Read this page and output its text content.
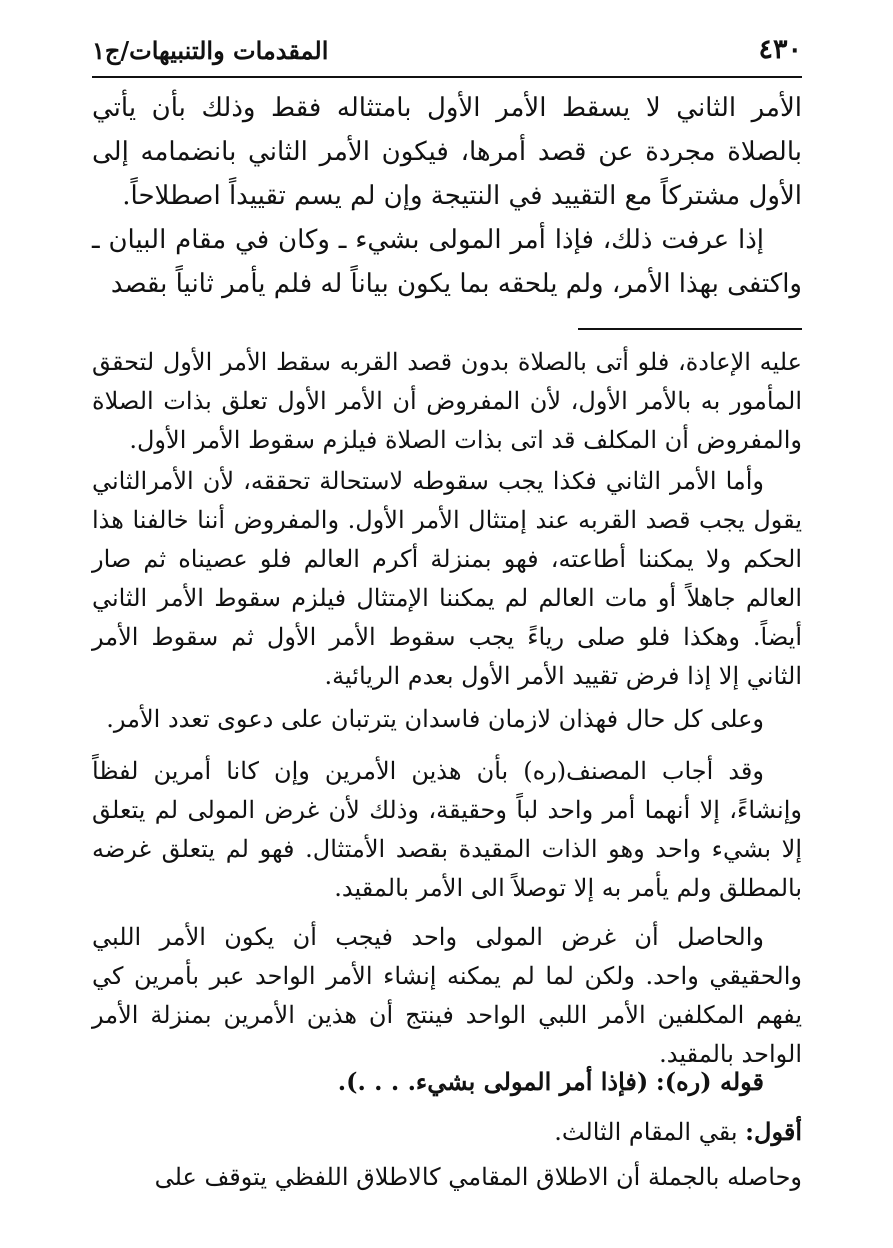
٤٣٠
المقدمات والتنبيهات/ج١

الأمر الثاني لا يسقط الأمر الأول بامتثاله فقط وذلك بأن يأتي بالصلاة مجردة عن قصد أمرها، فيكون الأمر الثاني بانضمامه إلى الأول مشتركاً مع التقييد في النتيجة وإن لم يسم تقييداً اصطلاحاً.

إذا عرفت ذلك، فإذا أمر المولى بشيء ـ وكان في مقام البيان ـ واكتفى بهذا الأمر، ولم يلحقه بما يكون بياناً له فلم يأمر ثانياً بقصد

عليه الإعادة، فلو أتى بالصلاة بدون قصد القربه سقط الأمر الأول لتحقق المأمور به بالأمر الأول، لأن المفروض أن الأمر الأول تعلق بذات الصلاة والمفروض أن المكلف قد اتى بذات الصلاة فيلزم سقوط الأمر الأول.

وأما الأمر الثاني فكذا يجب سقوطه لاستحالة تحققه، لأن الأمرالثاني يقول يجب قصد القربه عند إمتثال الأمر الأول. والمفروض أننا خالفنا هذا الحكم ولا يمكننا أطاعته، فهو بمنزلة أكرم العالم فلو عصيناه ثم صار العالم جاهلاً أو مات العالم لم يمكننا الإمتثال فيلزم سقوط الأمر الثاني أيضاً. وهكذا فلو صلى رياءً يجب سقوط الأمر الأول ثم سقوط الأمر الثاني إلا إذا فرض تقييد الأمر الأول بعدم الريائية.

وعلى كل حال فهذان لازمان فاسدان يترتبان على دعوى تعدد الأمر.

وقد أجاب المصنف(ره) بأن هذين الأمرين وإن كانا أمرين لفظاً وإنشاءً، إلا أنهما أمر واحد لباً وحقيقة، وذلك لأن غرض المولى لم يتعلق إلا بشيء واحد وهو الذات المقيدة بقصد الأمتثال. فهو لم يتعلق غرضه بالمطلق ولم يأمر به إلا توصلاً الى الأمر بالمقيد.

والحاصل أن غرض المولى واحد فيجب أن يكون الأمر اللبي والحقيقي واحد. ولكن لما لم يمكنه إنشاء الأمر الواحد عبر بأمرين كي يفهم المكلفين الأمر اللبي الواحد فينتج أن هذين الأمرين بمنزلة الأمر الواحد بالمقيد.

قوله (ره): (فإذا أمر المولى بشيء. . . .).

أقول: بقي المقام الثالث.

وحاصله بالجملة أن الاطلاق المقامي كالاطلاق اللفظي يتوقف على
